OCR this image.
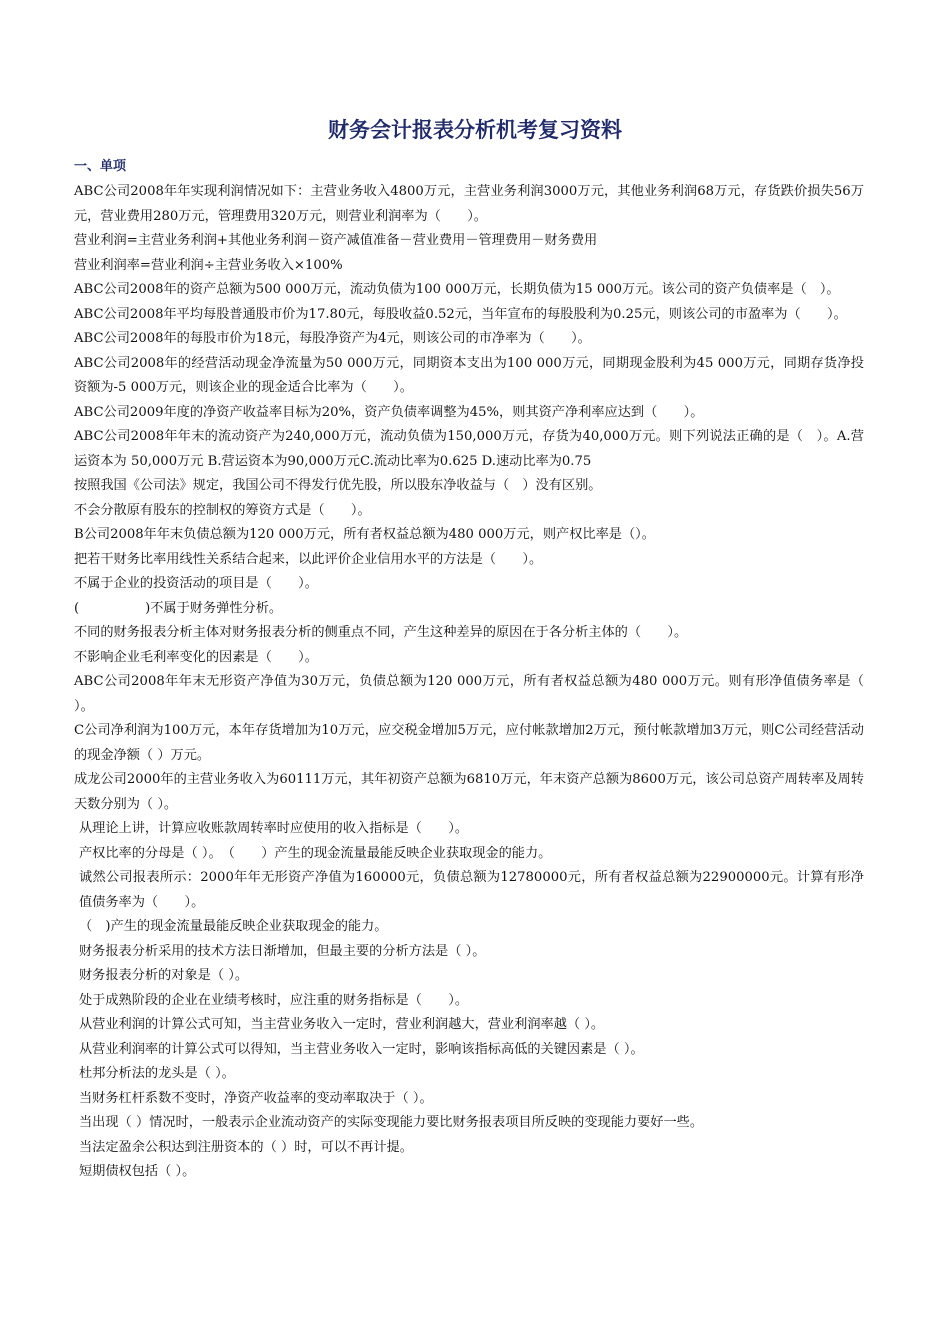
财务会计报表分析机考复习资料
一、单项
ABC公司2008年年实现利润情况如下：主营业务收入4800万元，主营业务利润3000万元，其他业务利润68万元，存货跌价损失56万元，营业费用280万元，管理费用320万元，则营业利润率为（　　）。
营业利润=主营业务利润+其他业务利润－资产减值准备－营业费用－管理费用－财务费用
营业利润率=营业利润÷主营业务收入×100%
ABC公司2008年的资产总额为500 000万元，流动负债为100 000万元，长期负债为15 000万元。该公司的资产负债率是（　）。
ABC公司2008年平均每股普通股市价为17.80元，每股收益0.52元，当年宣布的每股股利为0.25元，则该公司的市盈率为（　　）。
ABC公司2008年的每股市价为18元，每股净资产为4元，则该公司的市净率为（　　）。
ABC公司2008年的经营活动现金净流量为50 000万元，同期资本支出为100 000万元，同期现金股利为45 000万元，同期存货净投资额为-5 000万元，则该企业的现金适合比率为（　　）。
ABC公司2009年度的净资产收益率目标为20%，资产负债率调整为45%，则其资产净利率应达到（　　）。
ABC公司2008年年末的流动资产为240,000万元，流动负债为150,000万元，存货为40,000万元。则下列说法正确的是（　）。A.营运资本为 50,000万元 B.营运资本为90,000万元C.流动比率为0.625 D.速动比率为0.75
按照我国《公司法》规定，我国公司不得发行优先股，所以股东净收益与（　）没有区别。
不会分散原有股东的控制权的筹资方式是（　　）。
B公司2008年年末负债总额为120 000万元，所有者权益总额为480 000万元，则产权比率是（）。
把若干财务比率用线性关系结合起来，以此评价企业信用水平的方法是（　　）。
不属于企业的投资活动的项目是（　　）。
(　　　　　)不属于财务弹性分析。
不同的财务报表分析主体对财务报表分析的侧重点不同，产生这种差异的原因在于各分析主体的（　　）。
不影响企业毛利率变化的因素是（　　）。
ABC公司2008年年末无形资产净值为30万元，负债总额为120 000万元，所有者权益总额为480 000万元。则有形净值债务率是（ ）。
C公司净利润为100万元，本年存货增加为10万元，应交税金增加5万元，应付帐款增加2万元，预付帐款增加3万元，则C公司经营活动的现金净额（ ）万元。
成龙公司2000年的主营业务收入为60111万元，其年初资产总额为6810万元，年末资产总额为8600万元，该公司总资产周转率及周转天数分别为（ ）。
从理论上讲，计算应收账款周转率时应使用的收入指标是（　　）。
产权比率的分母是（ ）。　（　　）产生的现金流量最能反映企业获取现金的能力。
诚然公司报表所示：2000年年无形资产净值为160000元，负债总额为12780000元，所有者权益总额为22900000元。计算有形净值债务率为（　　）。
（　)产生的现金流量最能反映企业获取现金的能力。
财务报表分析采用的技术方法日渐增加，但最主要的分析方法是（ ）。
财务报表分析的对象是（ ）。
处于成熟阶段的企业在业绩考核时，应注重的财务指标是（　　）。
从营业利润的计算公式可知，当主营业务收入一定时，营业利润越大，营业利润率越（ ）。
从营业利润率的计算公式可以得知，当主营业务收入一定时，影响该指标高低的关键因素是（ ）。
杜邦分析法的龙头是（ ）。
当财务杠杆系数不变时，净资产收益率的变动率取决于（ ）。
当出现（ ）情况时，一般表示企业流动资产的实际变现能力要比财务报表项目所反映的变现能力要好一些。
当法定盈余公积达到注册资本的（ ）时，可以不再计提。
短期债权包括（ ）。
